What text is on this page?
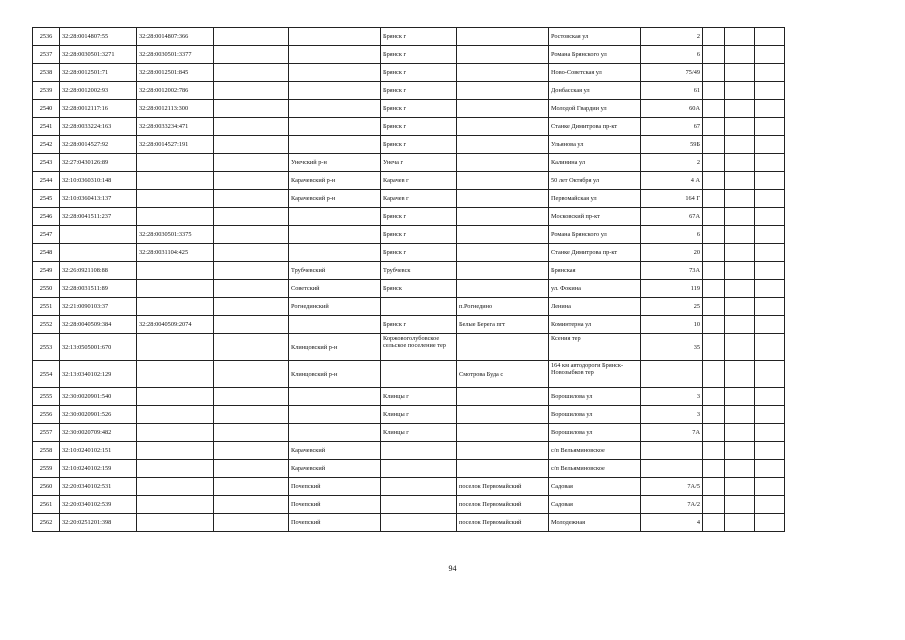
2536	32:28:0014807:55	32:28:0014807:366			Брянск г		Ростовская ул	2			
2537	32:28:0030501:3271	32:28:0030501:3377			Брянск г		Романа Брянского ул	6			
2538	32:28:0012501:71	32:28:0012501:845			Брянск г		Ново-Советская ул	75/49			
2539	32:28:0012002:93	32:28:0012002:786			Брянск г		Донбасская ул	61			
2540	32:28:0012117:16	32:28:0012113:300			Брянск г		Молодой Гвардии ул	60А			
2541	32:28:0033224:163	32:28:0033234:471			Брянск г		Станке Димитрова пр-кт	67			
2542	32:28:0014527:92	32:28:0014527:191			Брянск г		Ульянова ул	59Б			
2543	32:27:0430126:89			Унечский р-н	Унеча г		Калинина ул	2			
2544	32:10:0360310:148			Карачевский р-н	Карачев г		50 лет Октября ул	4 А			
2545	32:10:0360413:137			Карачевский р-н	Карачев г		Первомайская ул	164 Г			
2546	32:28:0041511:237				Брянск г		Московский пр-кт	67А			
2547		32:28:0030501:3375			Брянск г		Романа Брянского ул	6			
2548		32:28:0031104:425			Брянск г		Станке Димитрова пр-кт	20			
2549	32:26:0921108:88			Трубчевский	Трубчевск		Брянская	73А			
2550	32:28:0031511:89			Советский	Брянск		ул. Фокина	119			
2551	32:21:0090103:37			Рогнединский		п.Рогнедино	Ленина	25			
2552	32:28:0040509:384	32:28:0040509:2074			Брянск г	Белые Берега пгт	Коминтерна ул	10			
2553	32:13:0505001:670			Клинцовский р-н	Коржовоголубовское сельское поселение тер		Ксения тер	35			
2554	32:13:0340102:129			Клинцовский р-н		Смотрова Буда с	164 км автодороги Брянск-Новозыбков тер				
2555	32:30:0020901:540				Клинцы г		Ворошилова ул	3			
2556	32:30:0020901:526				Клинцы г		Ворошилова ул	3			
2557	32:30:0020709:482				Клинцы г		Ворошилова ул	7А			
2558	32:10:0240102:151			Карачевский			с/п Вельяминовское				
2559	32:10:0240102:159			Карачевский			с/п Вельяминовское				
2560	32:20:0340102:531			Почепский		поселок Первомайский	Садовая	7А/5			
2561	32:20:0340102:539			Почепский		поселок Первомайский	Садовая	7А/2			
2562	32:20:0251201:398			Почепский		поселок Первомайский	Молодежная	4			
94
